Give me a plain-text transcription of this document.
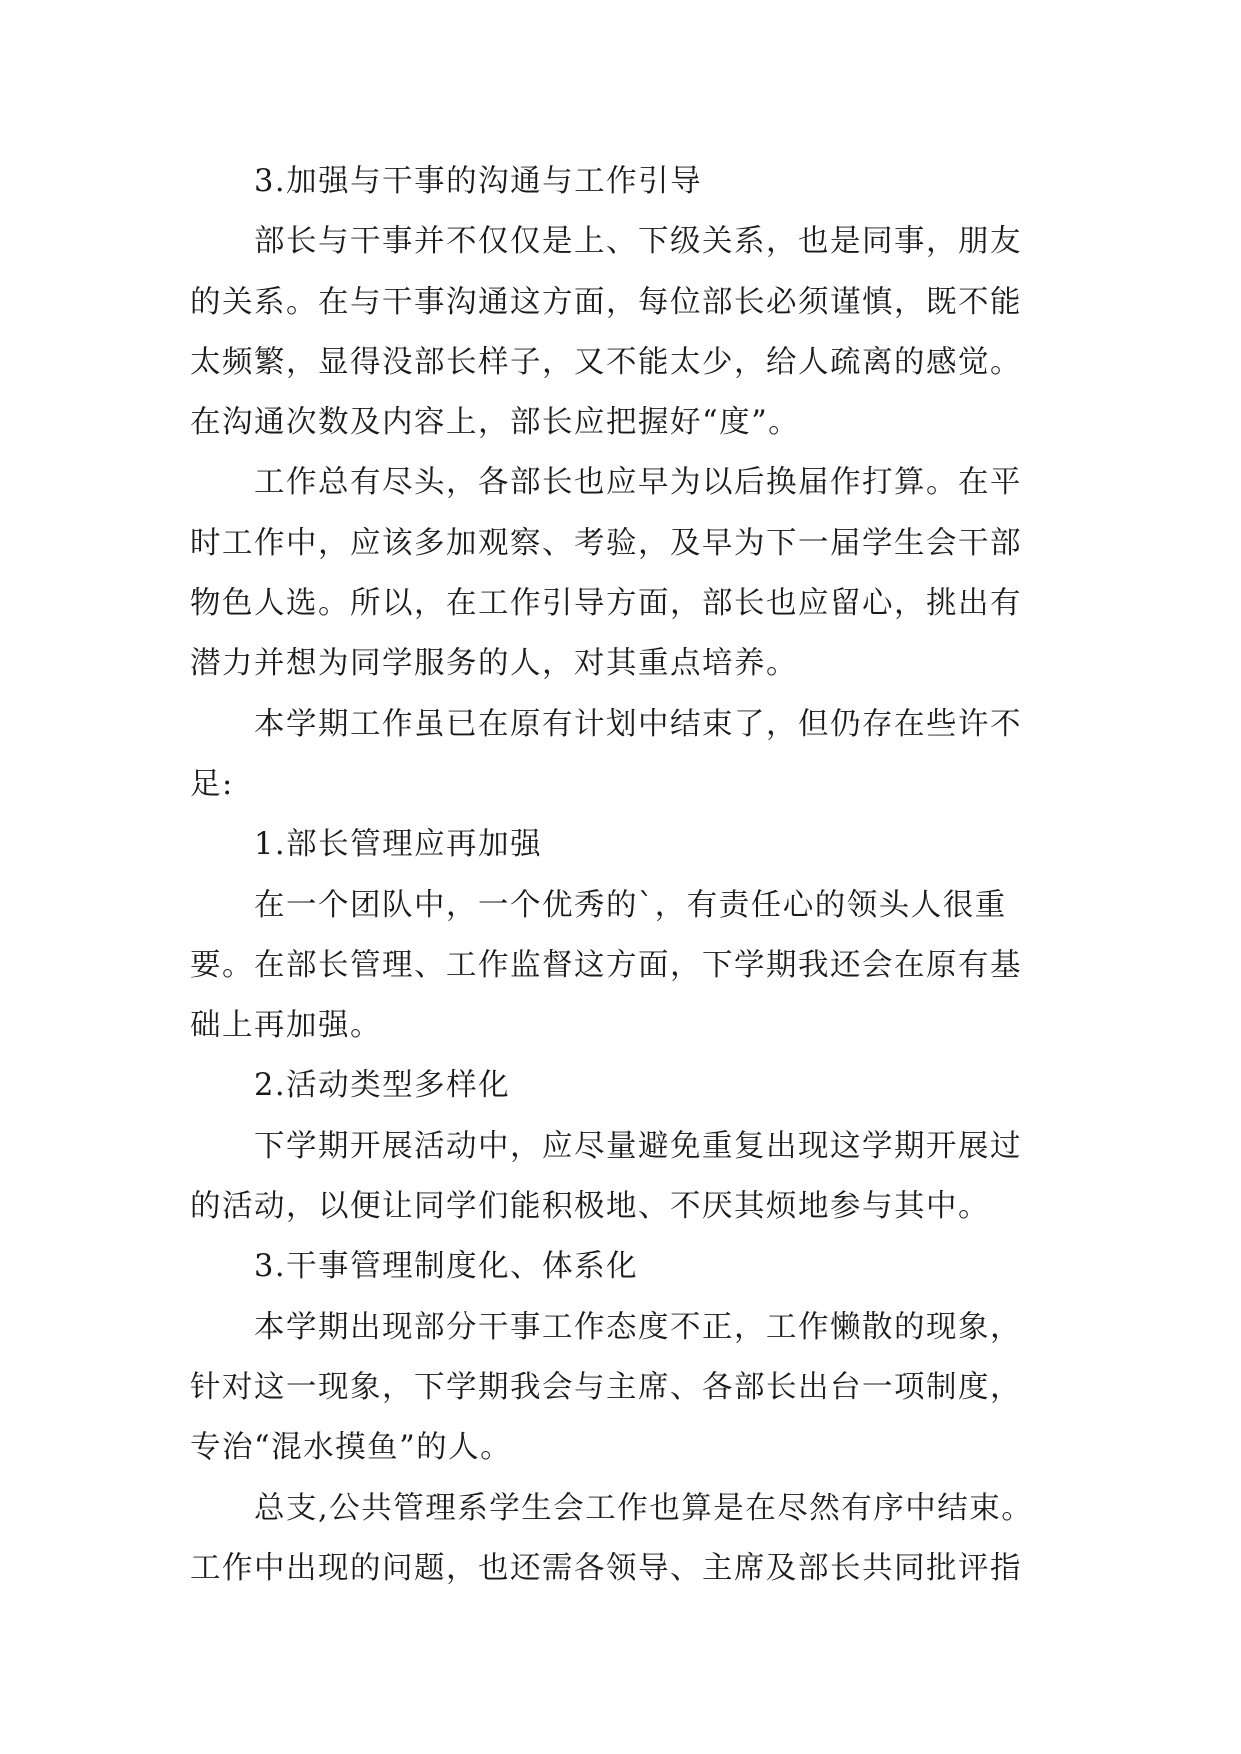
3.加强与干事的沟通与工作引导
部长与干事并不仅仅是上、下级关系，也是同事，朋友
的关系。在与干事沟通这方面，每位部长必须谨慎，既不能
太频繁，显得没部长样子，又不能太少，给人疏离的感觉。
在沟通次数及内容上，部长应把握好“度”。
工作总有尽头，各部长也应早为以后换届作打算。在平
时工作中，应该多加观察、考验，及早为下一届学生会干部
物色人选。所以，在工作引导方面，部长也应留心，挑出有
潜力并想为同学服务的人，对其重点培养。
本学期工作虽已在原有计划中结束了，但仍存在些许不
足:
1.部长管理应再加强
在一个团队中，一个优秀的`，有责任心的领头人很重
要。在部长管理、工作监督这方面，下学期我还会在原有基
础上再加强。
2.活动类型多样化
下学期开展活动中，应尽量避免重复出现这学期开展过
的活动，以便让同学们能积极地、不厌其烦地参与其中。
3.干事管理制度化、体系化
本学期出现部分干事工作态度不正，工作懒散的现象，
针对这一现象，下学期我会与主席、各部长出台一项制度，
专治“混水摸鱼”的人。
总支,公共管理系学生会工作也算是在尽然有序中结束。
工作中出现的问题，也还需各领导、主席及部长共同批评指
